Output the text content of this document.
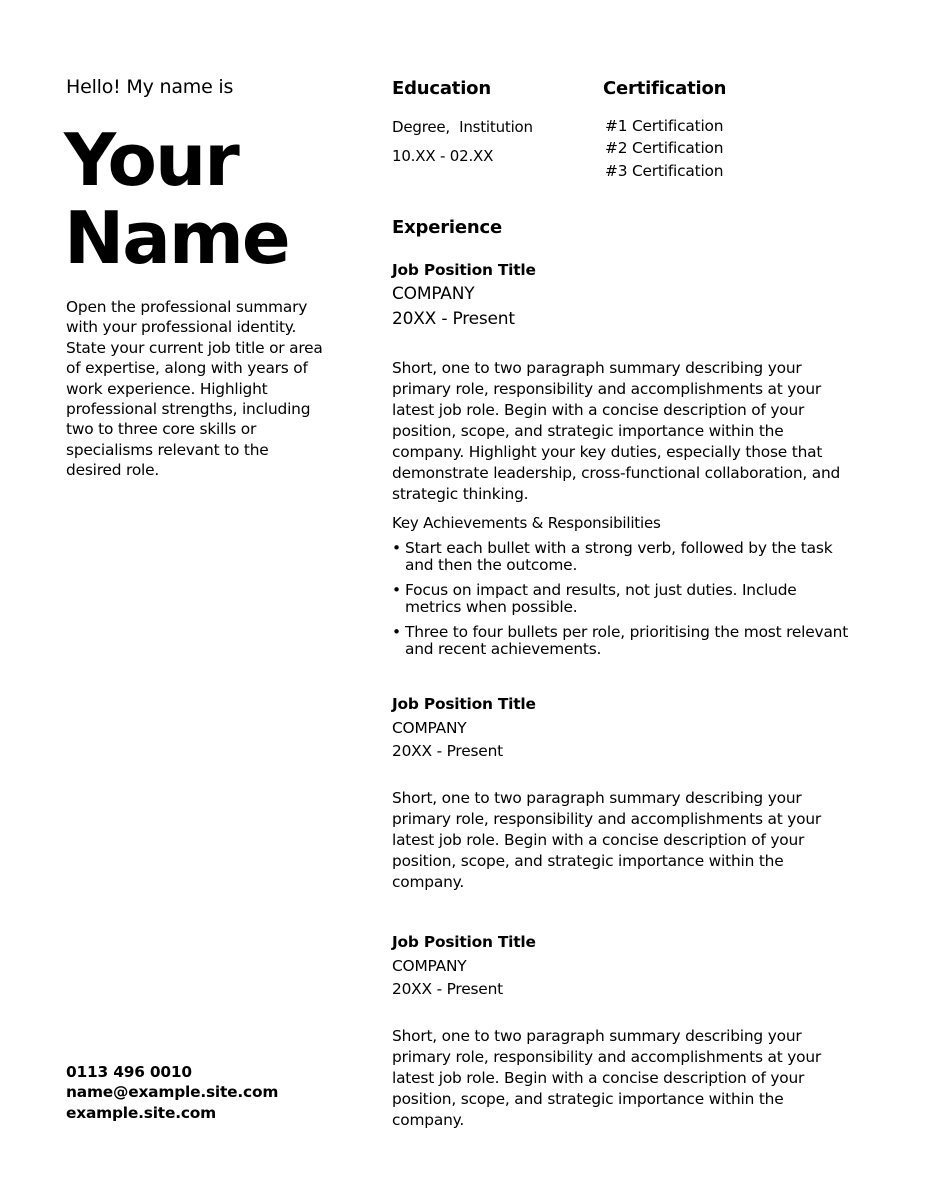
Hello! My name is
Your
Name
Open the professional summary with your professional identity. State your current job title or area of expertise, along with years of work experience. Highlight professional strengths, including two to three core skills or specialisms relevant to the desired role.
0113 496 0010
name@example.site.com
example.site.com
Education
Degree,  Institution
10.XX - 02.XX
Certification
#1 Certification
#2 Certification
#3 Certification
Experience
Job Position Title
COMPANY
20XX - Present
Short, one to two paragraph summary describing your primary role, responsibility and accomplishments at your latest job role. Begin with a concise description of your position, scope, and strategic importance within the company. Highlight your key duties, especially those that demonstrate leadership, cross-functional collaboration, and strategic thinking.
Key Achievements & Responsibilities
• Start each bullet with a strong verb, followed by the task and then the outcome.
• Focus on impact and results, not just duties. Include metrics when possible.
• Three to four bullets per role, prioritising the most relevant and recent achievements.
Job Position Title
COMPANY
20XX - Present
Short, one to two paragraph summary describing your primary role, responsibility and accomplishments at your latest job role. Begin with a concise description of your position, scope, and strategic importance within the company.
Job Position Title
COMPANY
20XX - Present
Short, one to two paragraph summary describing your primary role, responsibility and accomplishments at your latest job role. Begin with a concise description of your position, scope, and strategic importance within the company.
